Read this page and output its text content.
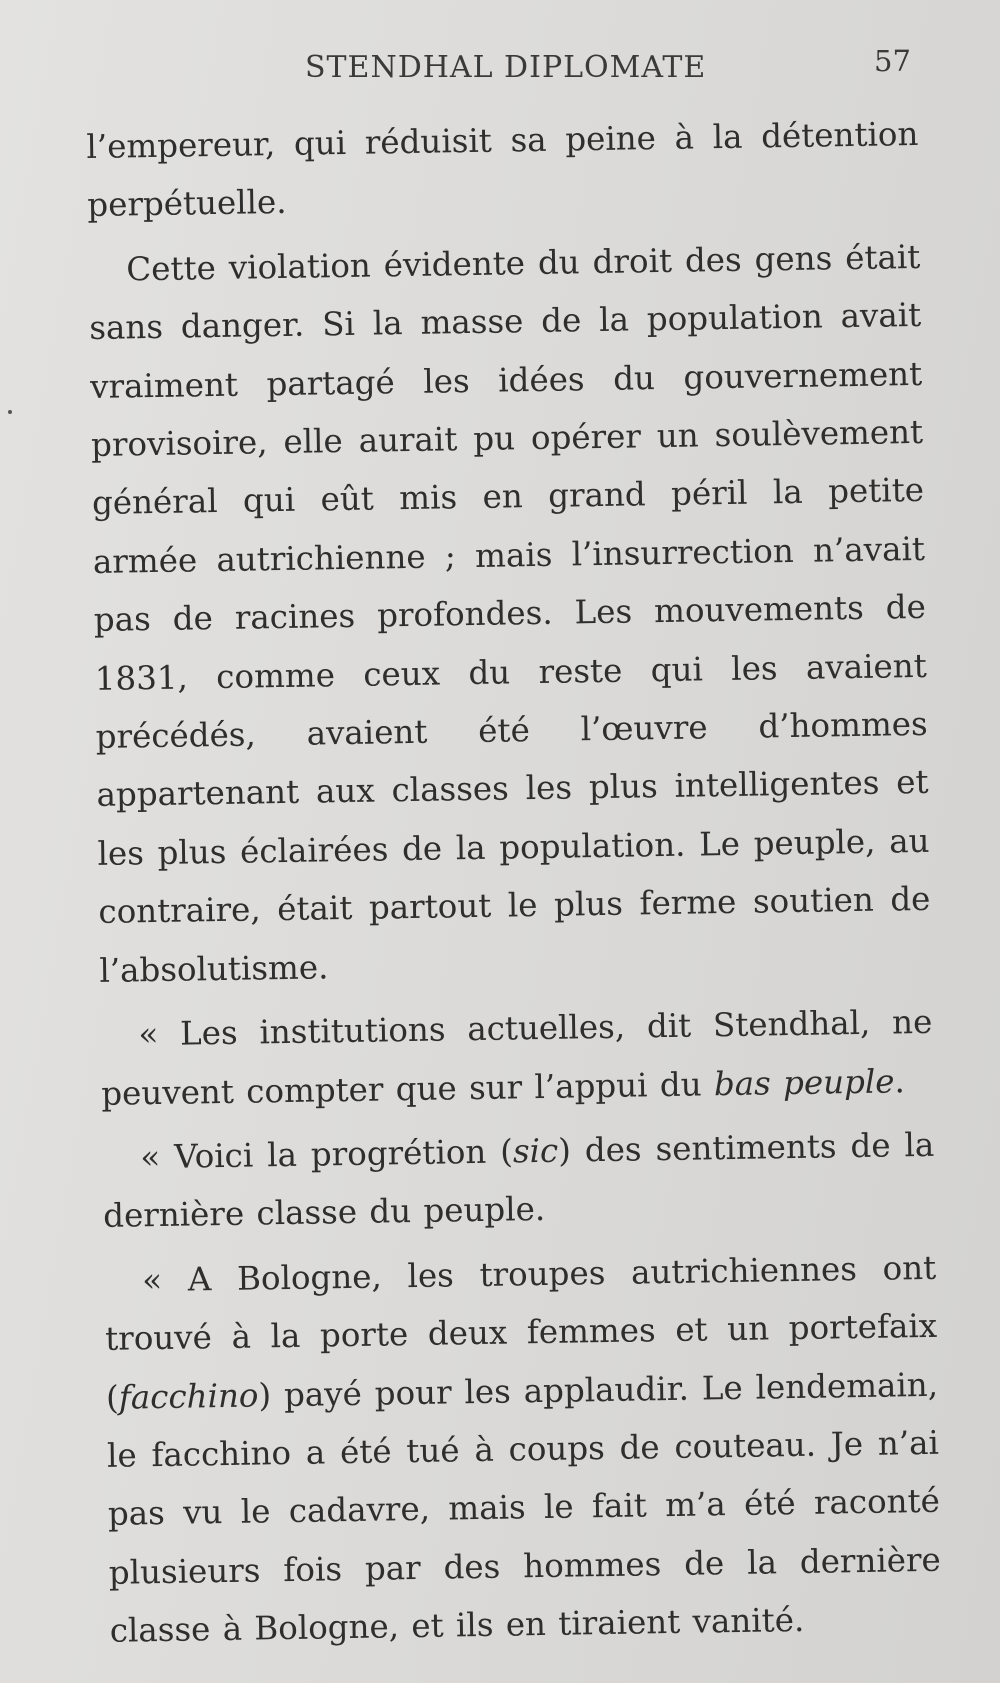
STENDHAL DIPLOMATE	57

l’empereur, qui réduisit sa peine à la détention perpétuelle.

Cette violation évidente du droit des gens était sans danger. Si la masse de la population avait vraiment partagé les idées du gouvernement provisoire, elle aurait pu opérer un soulèvement général qui eût mis en grand péril la petite armée autrichienne ; mais l’insurrection n’avait pas de racines profondes. Les mouvements de 1831, comme ceux du reste qui les avaient précédés, avaient été l’œuvre d’hommes appartenant aux classes les plus intelligentes et les plus éclairées de la population. Le peuple, au contraire, était partout le plus ferme soutien de l’absolutisme.

« Les institutions actuelles, dit Stendhal, ne peuvent compter que sur l’appui du bas peuple.

« Voici la progrétion (sic) des sentiments de la dernière classe du peuple.

« A Bologne, les troupes autrichiennes ont trouvé à la porte deux femmes et un portefaix (facchino) payé pour les applaudir. Le lendemain, le facchino a été tué à coups de couteau. Je n’ai pas vu le cadavre, mais le fait m’a été raconté plusieurs fois par des hommes de la dernière classe à Bologne, et ils en tiraient vanité.
